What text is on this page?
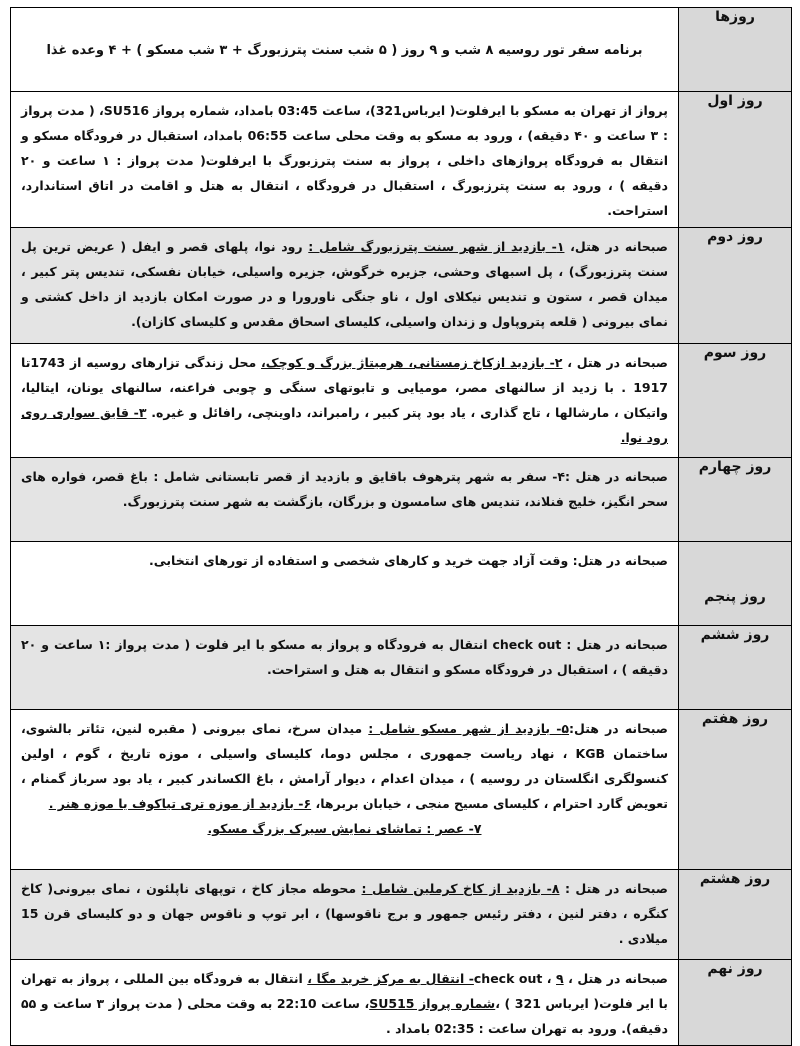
روزها	برنامه سفر تور روسیه ۸ شب و ۹ روز ( ۵ شب سنت پترزبورگ + ۳ شب مسکو ) + ۴ وعده غذا
روز اول	پرواز از تهران به مسکو با ایرفلوت( ایرباس321)، ساعت 03:45 بامداد، شماره پرواز SU516، ( مدت پرواز : ۳ ساعت و ۴۰ دقیقه) ، ورود به مسکو به وقت محلی ساعت 06:55 بامداد، استقبال در فرودگاه مسکو و انتقال به فرودگاه پروازهای داخلی ، پرواز به سنت پترزبورگ با ایرفلوت( مدت پرواز : ۱ ساعت و ۲۰ دقیقه ) ، ورود به سنت پترزبورگ ، استقبال در فرودگاه ، انتقال به هتل و اقامت در اتاق استاندارد، استراحت.
روز دوم	صبحانه در هتل، ۱- بازدید از شهر سنت پترزبورگ شامل : رود نوا، پلهای قصر و ایفل ( عریض ترین پل سنت پترزبورگ) ، پل اسبهای وحشی، جزیره خرگوش، جزیره واسیلی، خیابان نفسکی، تندیس پتر کبیر ، میدان قصر ، ستون و تندیس نیکلای اول ، ناو جنگی ناورورا و در صورت امکان بازدید از داخل کشتی و نمای بیرونی ( قلعه پتروپاول و زندان واسیلی، کلیسای اسحاق مقدس و کلیسای کازان).
روز سوم	صبحانه در هتل ، ۲- بازدید ازکاخ زمستانی، هرمیتاژ بزرگ و کوچک، محل زندگی تزارهای روسیه از 1743تا 1917 . با زدید از سالنهای مصر، مومیایی و تابوتهای سنگی و چوبی فراعنه، سالنهای یونان، ایتالیا، واتیکان ، مارشالها ، تاج گذاری ، یاد بود پتر کبیر ، رامبراند، داوینچی، رافائل و غیره. ۳- قایق سواری روی رود نوا.
روز چهارم	صبحانه در هتل :۴- سفر به شهر پترهوف باقایق و بازدید از قصر تابستانی شامل : باغ قصر، فواره های سحر انگیز، خلیج فنلاند، تندیس های سامسون و بزرگان، بازگشت به شهر سنت پترزبورگ.
روز پنجم	صبحانه در هتل: وقت آزاد جهت خرید و کارهای شخصی و استفاده از تورهای انتخابی.
روز ششم	صبحانه در هتل : check out انتقال به فرودگاه و پرواز به مسکو با ایر فلوت ( مدت پرواز :۱ ساعت و ۲۰ دقیقه ) ، استقبال در فرودگاه مسکو و انتقال به هتل و استراحت.
روز هفتم	صبحانه در هتل:۵- بازدید از شهر مسکو شامل : میدان سرخ، نمای بیرونی ( مقبره لنین، تئاتر بالشوی، ساختمان KGB ، نهاد ریاست جمهوری ، مجلس دوما، کلیسای واسیلی ، موزه تاریخ ، گوم ، اولین کنسولگری انگلستان در روسیه ) ، میدان اعدام ، دیوار آرامش ، باغ الکساندر کبیر ، یاد بود سرباز گمنام ، تعویض گارد احترام ، کلیسای مسیح منجی ، خیابان بربرها، ۶- بازدید از موزه تری تیاکوف یا موزه هنر .
۷- عصر : تماشای نمایش سیرک بزرگ مسکو.

روز هشتم	صبحانه در هتل : ۸- بازدید از کاخ کرملین شامل : محوطه مجاز کاخ ، توپهای ناپلئون ، نمای بیرونی( کاخ کنگره ، دفتر لنین ، دفتر رئیس جمهور و برج ناقوسها) ، ابر توپ و ناقوس جهان و دو کلیسای قرن 15 میلادی .
روز نهم	صبحانه در هتل ، check out ، ۹- انتقال به مرکز خرید مگا ، انتقال به فرودگاه بین المللی ، پرواز به تهران با ایر فلوت( ایرباس 321 ) ،شماره پرواز SU515، ساعت 22:10 به وقت محلی ( مدت پرواز ۳ ساعت و ۵۵ دقیقه). ورود به تهران ساعت : 02:35 بامداد .
